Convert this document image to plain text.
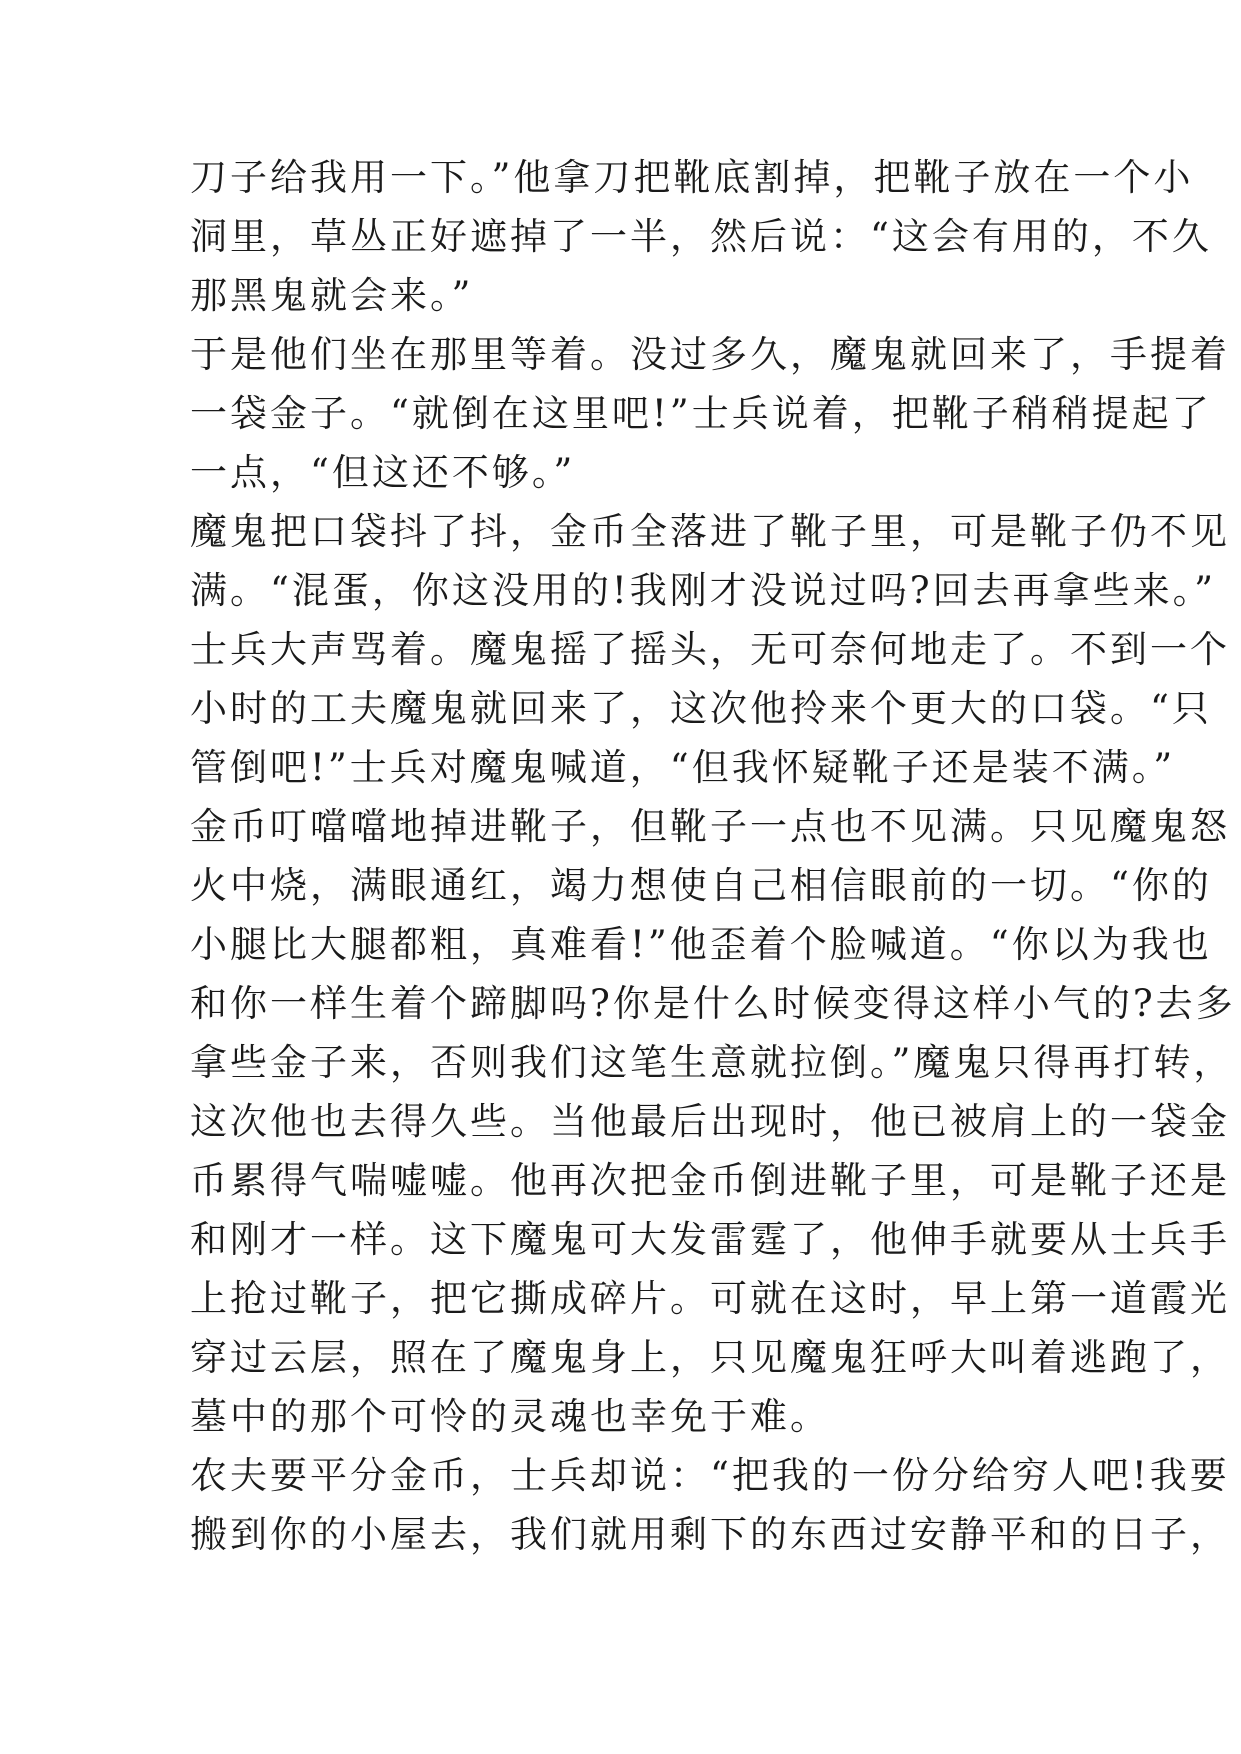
刀子给我用一下。”他拿刀把靴底割掉，把靴子放在一个小
洞里，草丛正好遮掉了一半，然后说：“这会有用的，不久
那黑鬼就会来。”
于是他们坐在那里等着。没过多久，魔鬼就回来了，手提着
一袋金子。“就倒在这里吧!”士兵说着，把靴子稍稍提起了
一点，“但这还不够。”
魔鬼把口袋抖了抖，金币全落进了靴子里，可是靴子仍不见
满。“混蛋，你这没用的!我刚才没说过吗?回去再拿些来。”
士兵大声骂着。魔鬼摇了摇头，无可奈何地走了。不到一个
小时的工夫魔鬼就回来了，这次他拎来个更大的口袋。“只
管倒吧!”士兵对魔鬼喊道，“但我怀疑靴子还是装不满。”
金币叮噹噹地掉进靴子，但靴子一点也不见满。只见魔鬼怒
火中烧，满眼通红，竭力想使自己相信眼前的一切。“你的
小腿比大腿都粗，真难看!”他歪着个脸喊道。“你以为我也
和你一样生着个蹄脚吗?你是什么时候变得这样小气的?去多
拿些金子来，否则我们这笔生意就拉倒。”魔鬼只得再打转，
这次他也去得久些。当他最后出现时，他已被肩上的一袋金
币累得气喘嘘嘘。他再次把金币倒进靴子里，可是靴子还是
和刚才一样。这下魔鬼可大发雷霆了，他伸手就要从士兵手
上抢过靴子，把它撕成碎片。可就在这时，早上第一道霞光
穿过云层，照在了魔鬼身上，只见魔鬼狂呼大叫着逃跑了，
墓中的那个可怜的灵魂也幸免于难。
农夫要平分金币，士兵却说：“把我的一份分给穷人吧!我要
搬到你的小屋去，我们就用剩下的东西过安静平和的日子，
